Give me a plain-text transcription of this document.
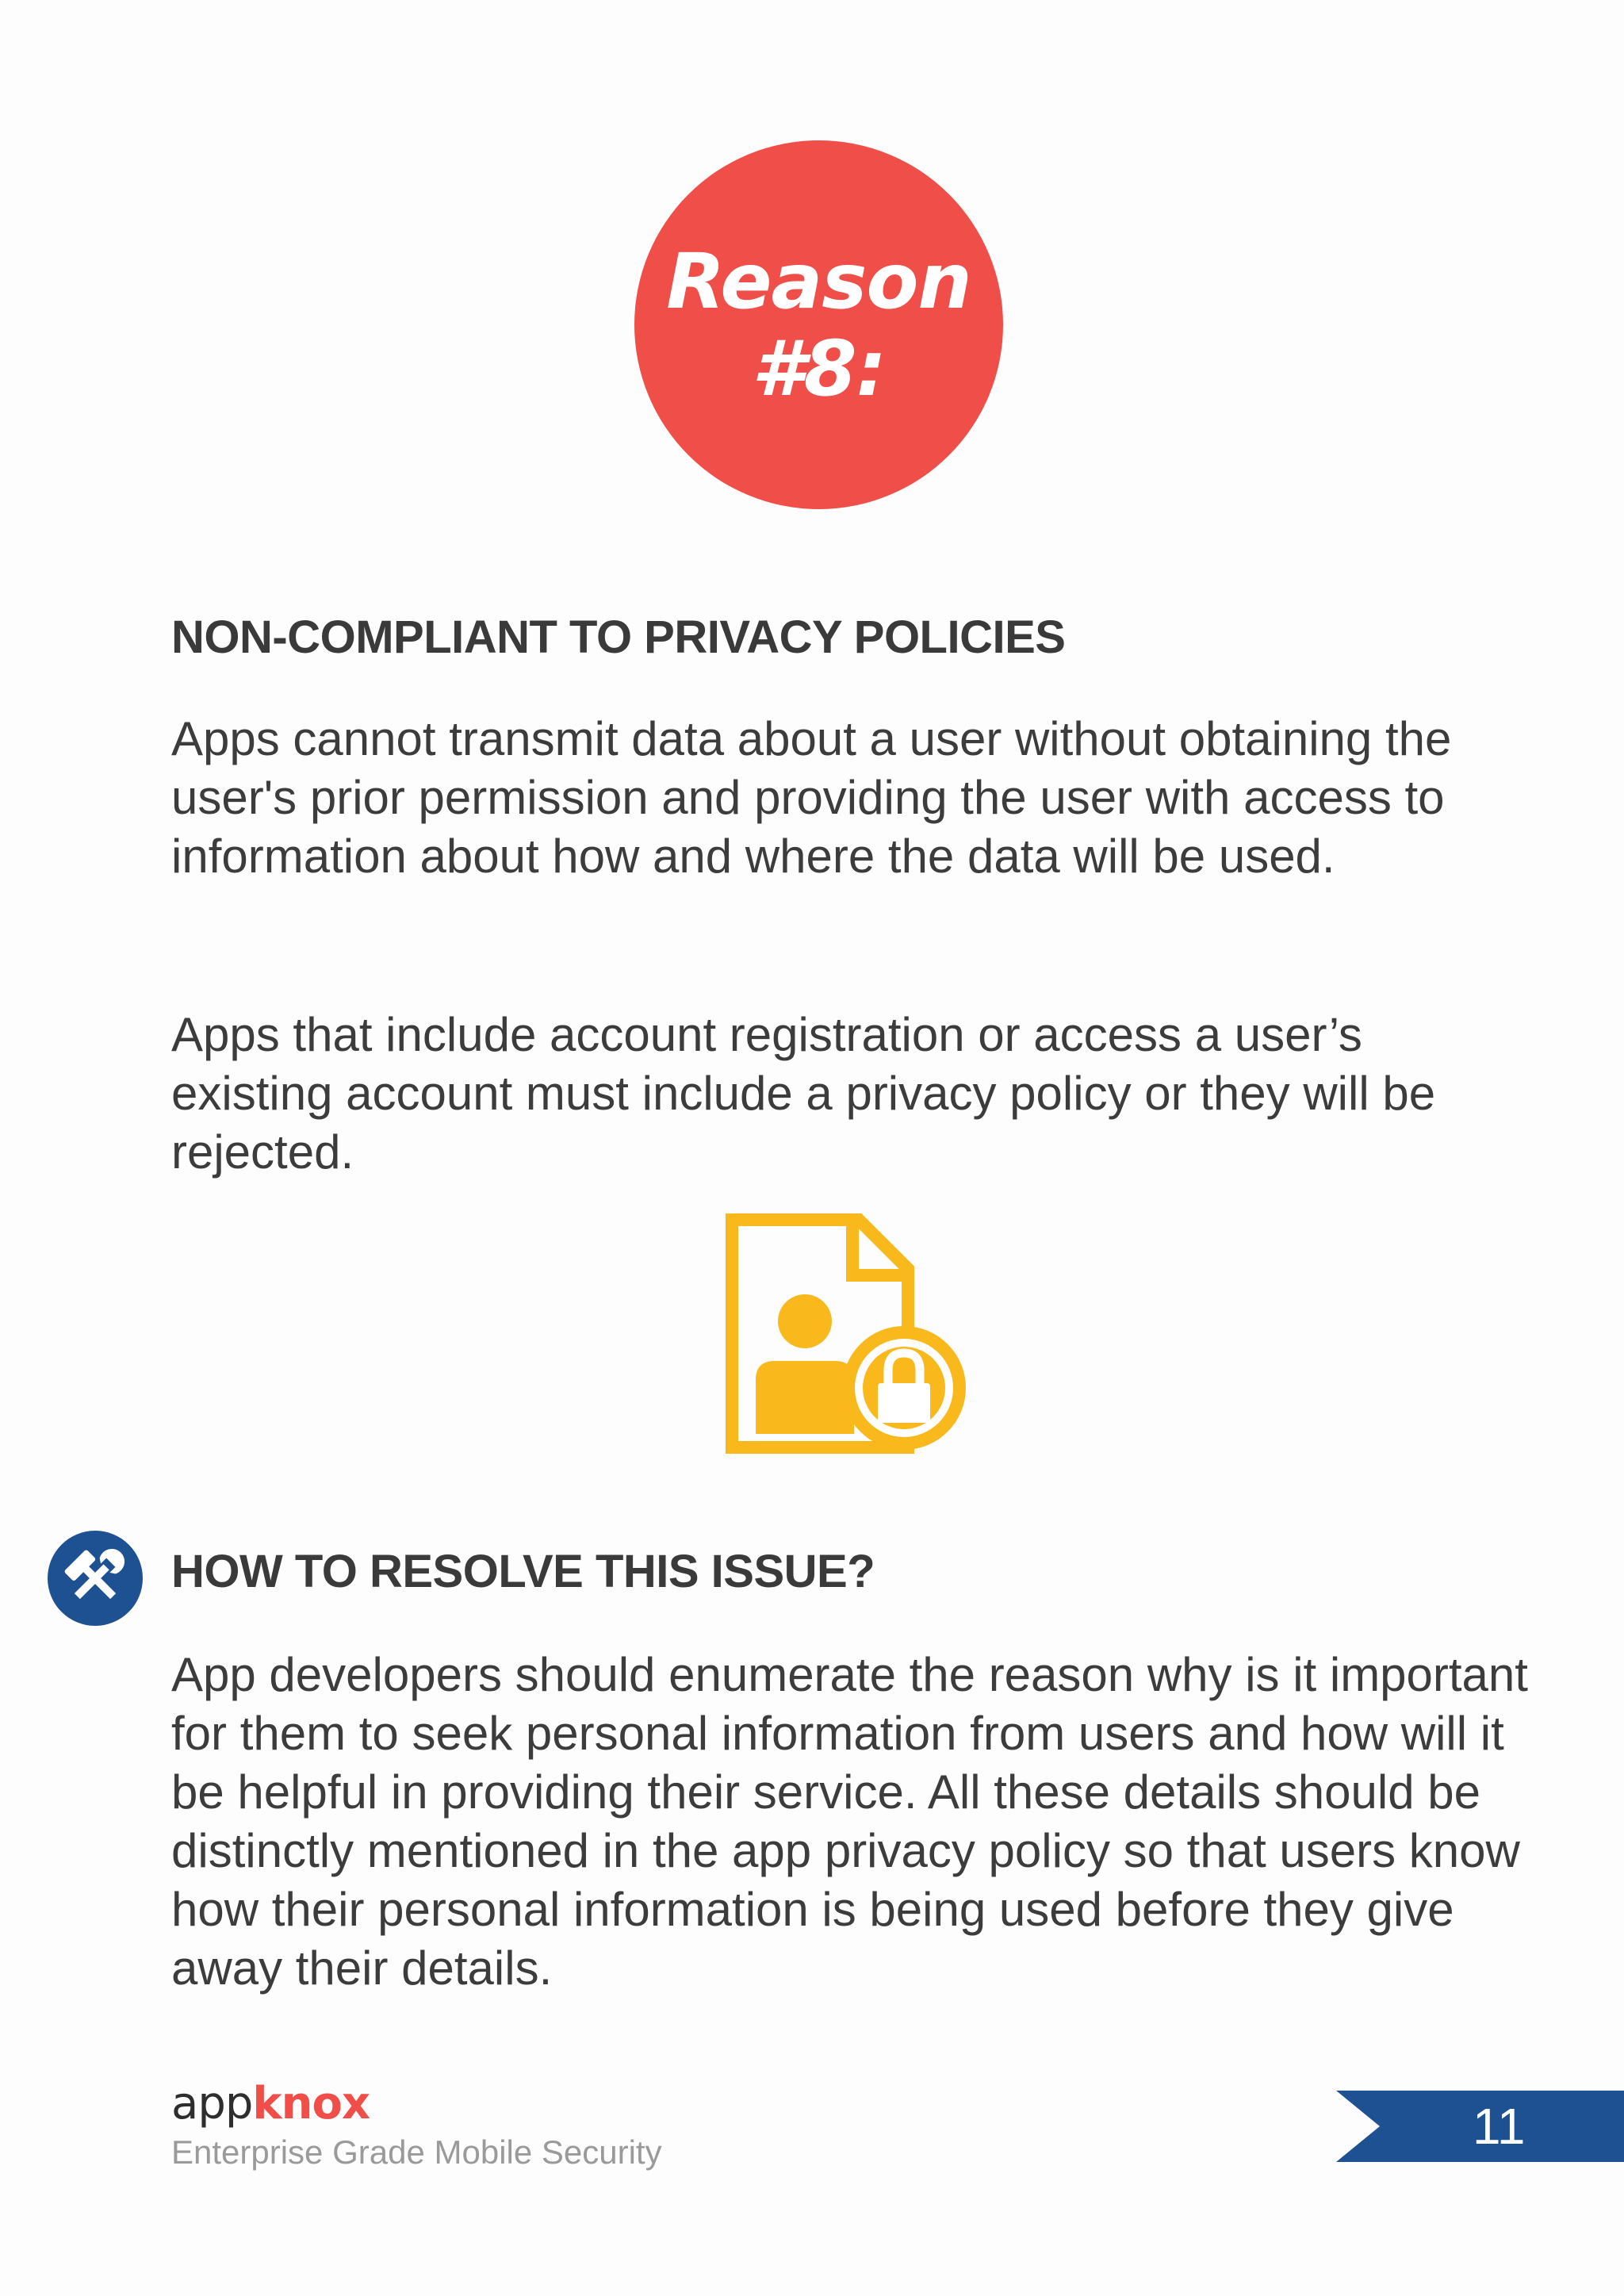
Reason
#8:
NON-COMPLIANT TO PRIVACY POLICIES

Apps cannot transmit data about a user without obtaining the user's prior permission and providing the user with access to information about how and where the data will be used.

Apps that include account registration or access a user’s existing account must include a privacy policy or they will be rejected.

HOW TO RESOLVE THIS ISSUE?

App developers should enumerate the reason why is it important for them to seek personal information from users and how will it be helpful in providing their service. All these details should be distinctly mentioned in the app privacy policy so that users know how their personal information is being used before they give away their details.

appknox
Enterprise Grade Mobile Security	11
